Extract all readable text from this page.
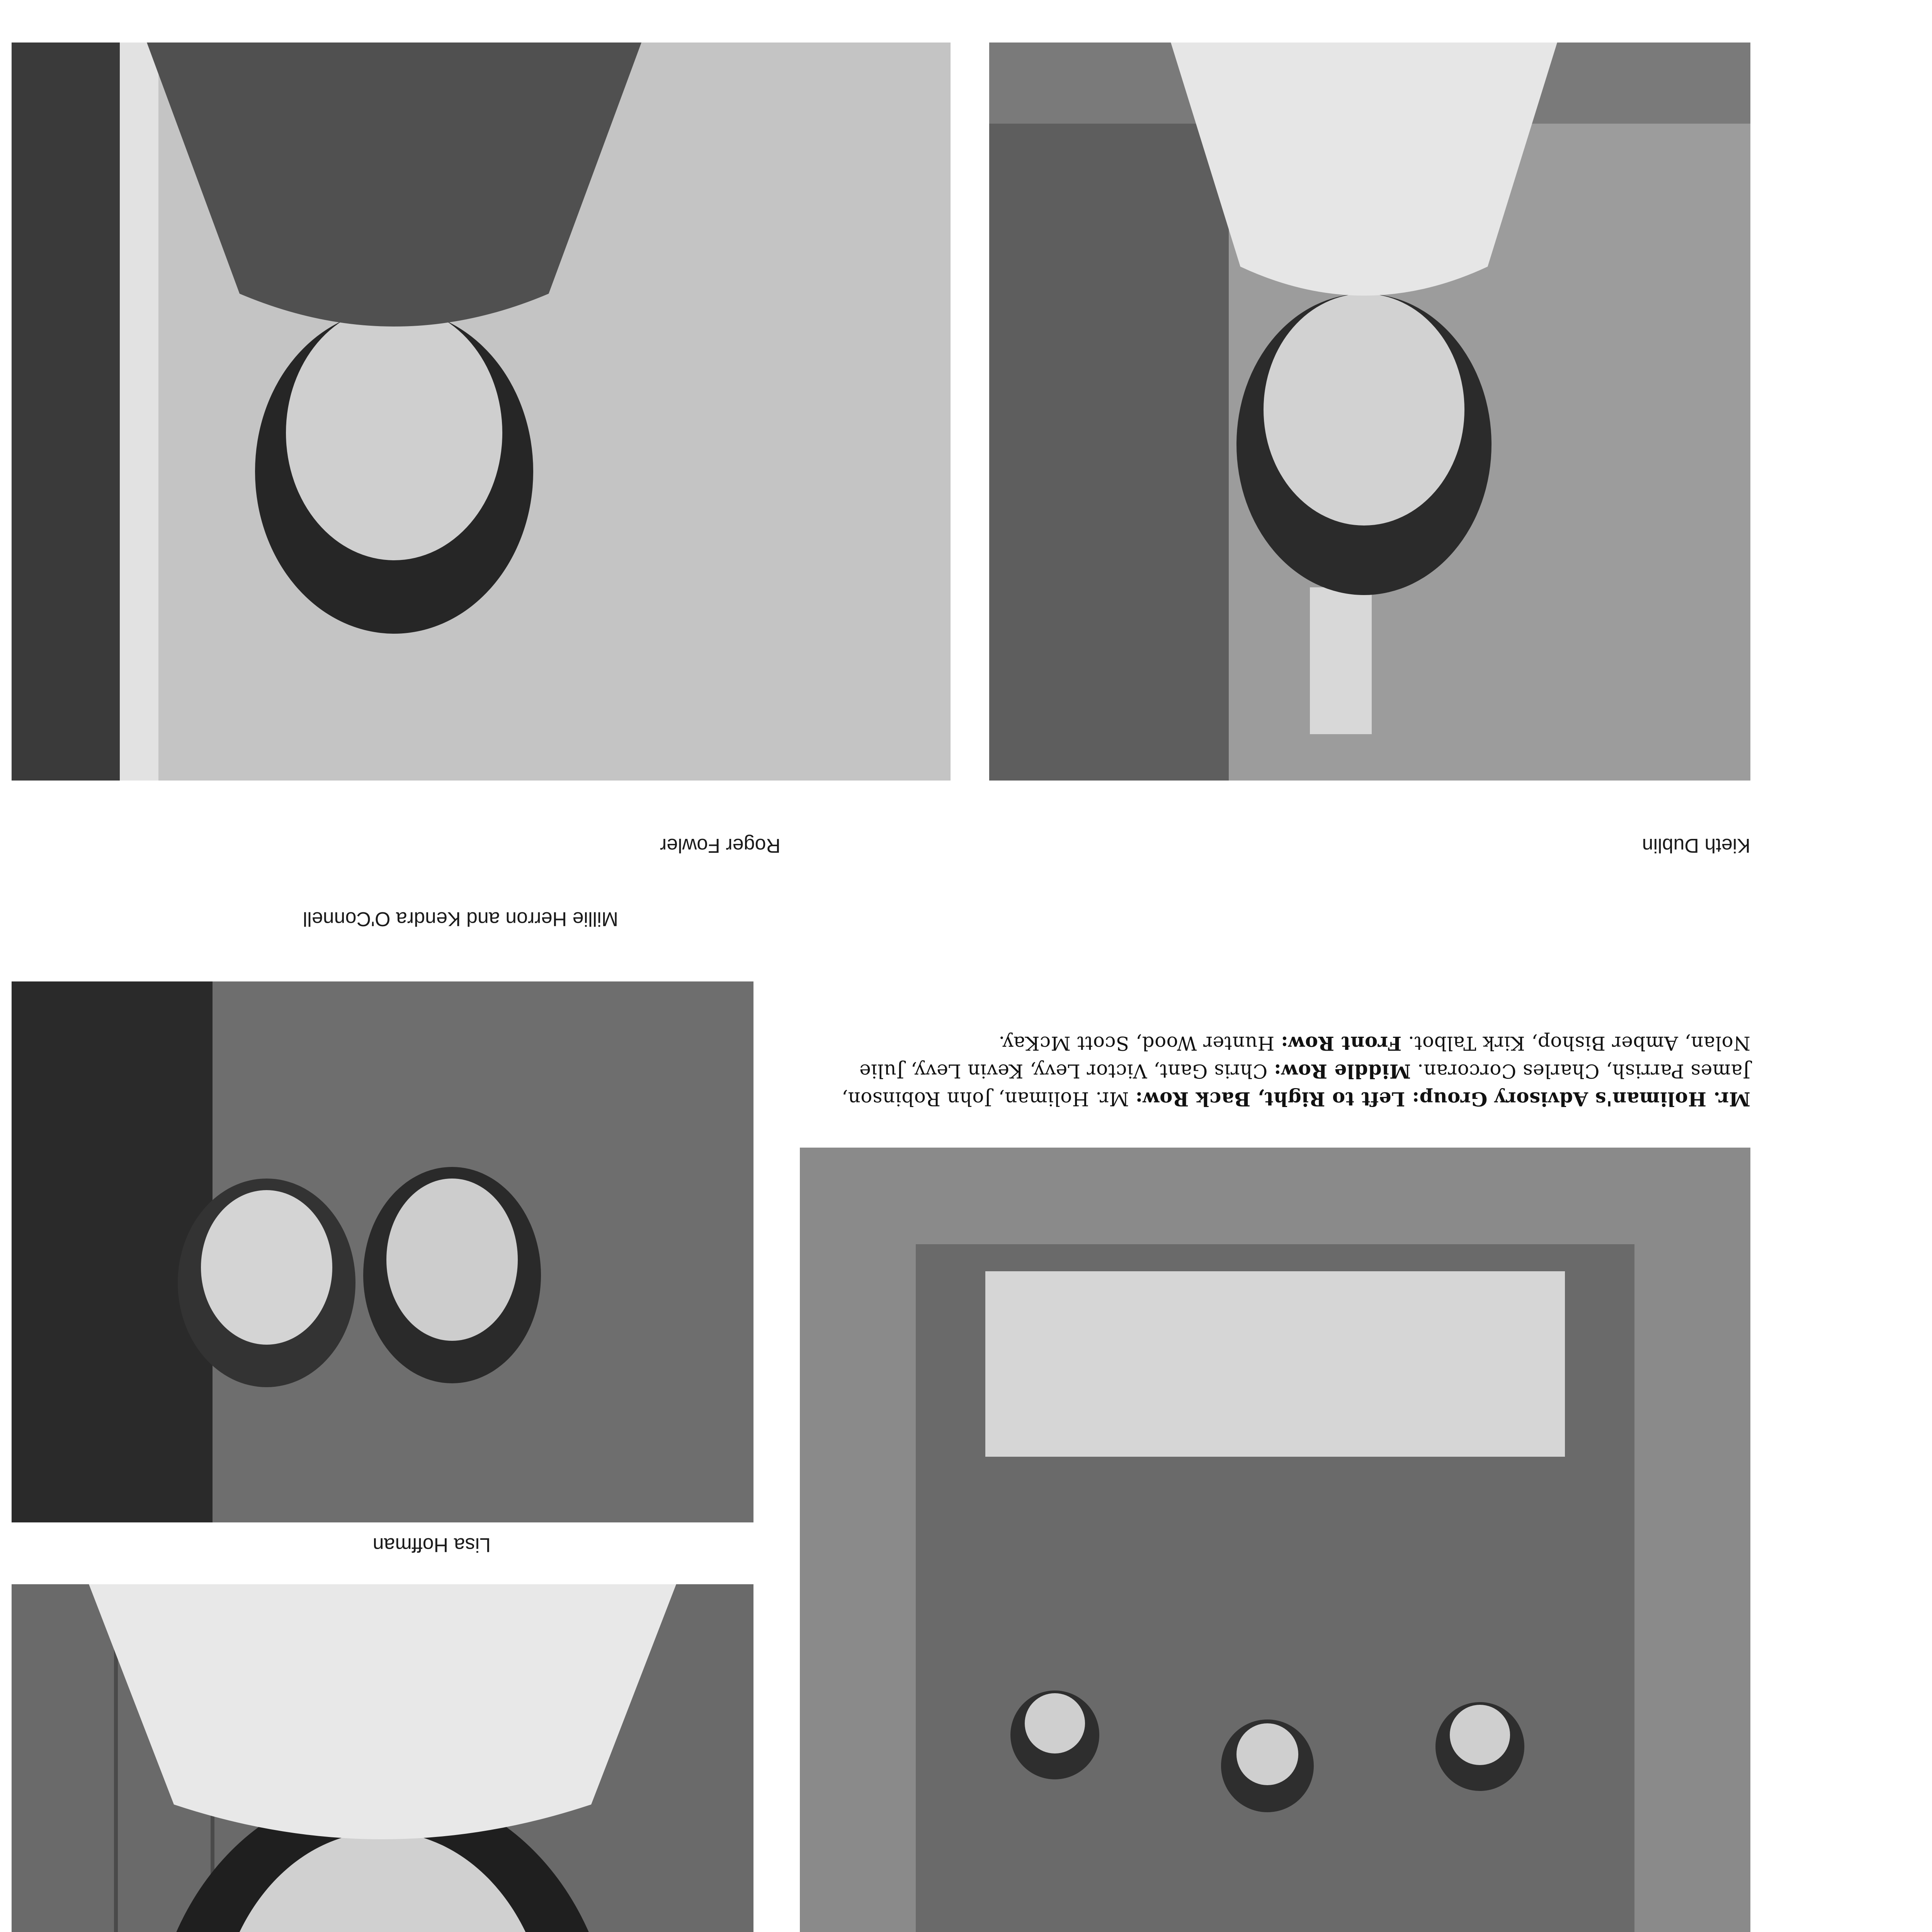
Kieth Dublin
Roger Fowler
Mr. Holiman's Advisory Group: Left to Right, Back Row: Mr. Holiman, John Robinson, James Parrish, Charles Corcoran. Middle Row: Chris Gant, Victor Levy, Kevin Levy, Julie Nolan, Amber Bishop, Kirk Talbot. Front Row: Hunter Wood, Scott McKay.
Millie Herron and Kendra O'Connell
Lisa Hoffman
